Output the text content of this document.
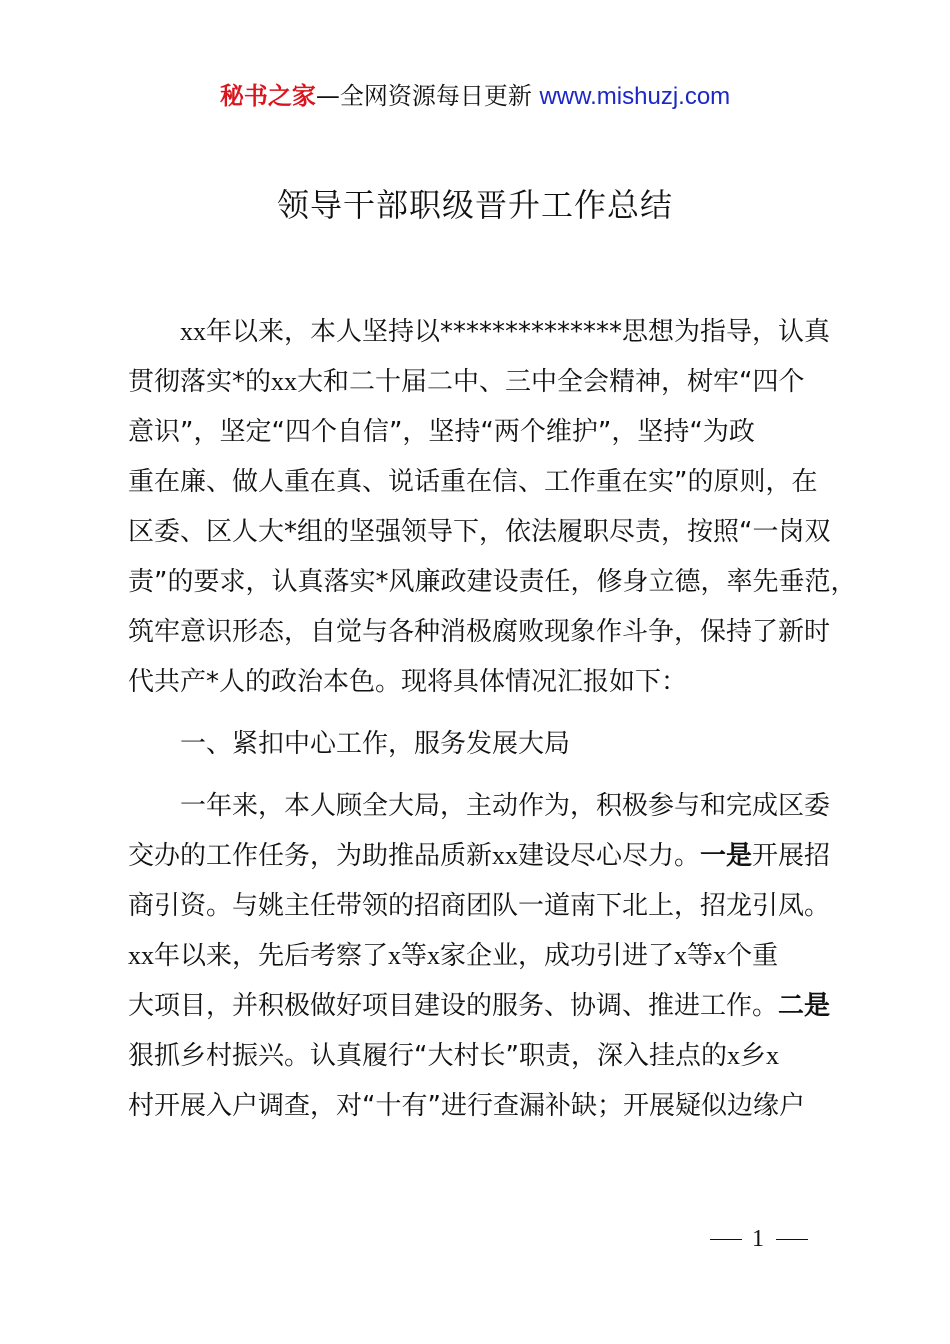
秘书之家—全网资源每日更新 www.mishuzj.com
领导干部职级晋升工作总结

xx年以来，本人坚持以**************思想为指导，认真

贯彻落实*的xx大和二十届二中、三中全会精神，树牢“四个

意识”，坚定“四个自信”，坚持“两个维护”，坚持“为政

重在廉、做人重在真、说话重在信、工作重在实”的原则，在

区委、区人大*组的坚强领导下，依法履职尽责，按照“一岗双

责”的要求，认真落实*风廉政建设责任，修身立德，率先垂范，

筑牢意识形态，自觉与各种消极腐败现象作斗争，保持了新时

代共产*人的政治本色。现将具体情况汇报如下：

一、紧扣中心工作，服务发展大局

一年来，本人顾全大局，主动作为，积极参与和完成区委

交办的工作任务，为助推品质新xx建设尽心尽力。一是开展招

商引资。与姚主任带领的招商团队一道南下北上，招龙引凤。

xx年以来，先后考察了x等x家企业，成功引进了x等x个重

大项目，并积极做好项目建设的服务、协调、推进工作。二是

狠抓乡村振兴。认真履行“大村长”职责，深入挂点的x乡x

村开展入户调查，对“十有”进行查漏补缺；开展疑似边缘户

1
